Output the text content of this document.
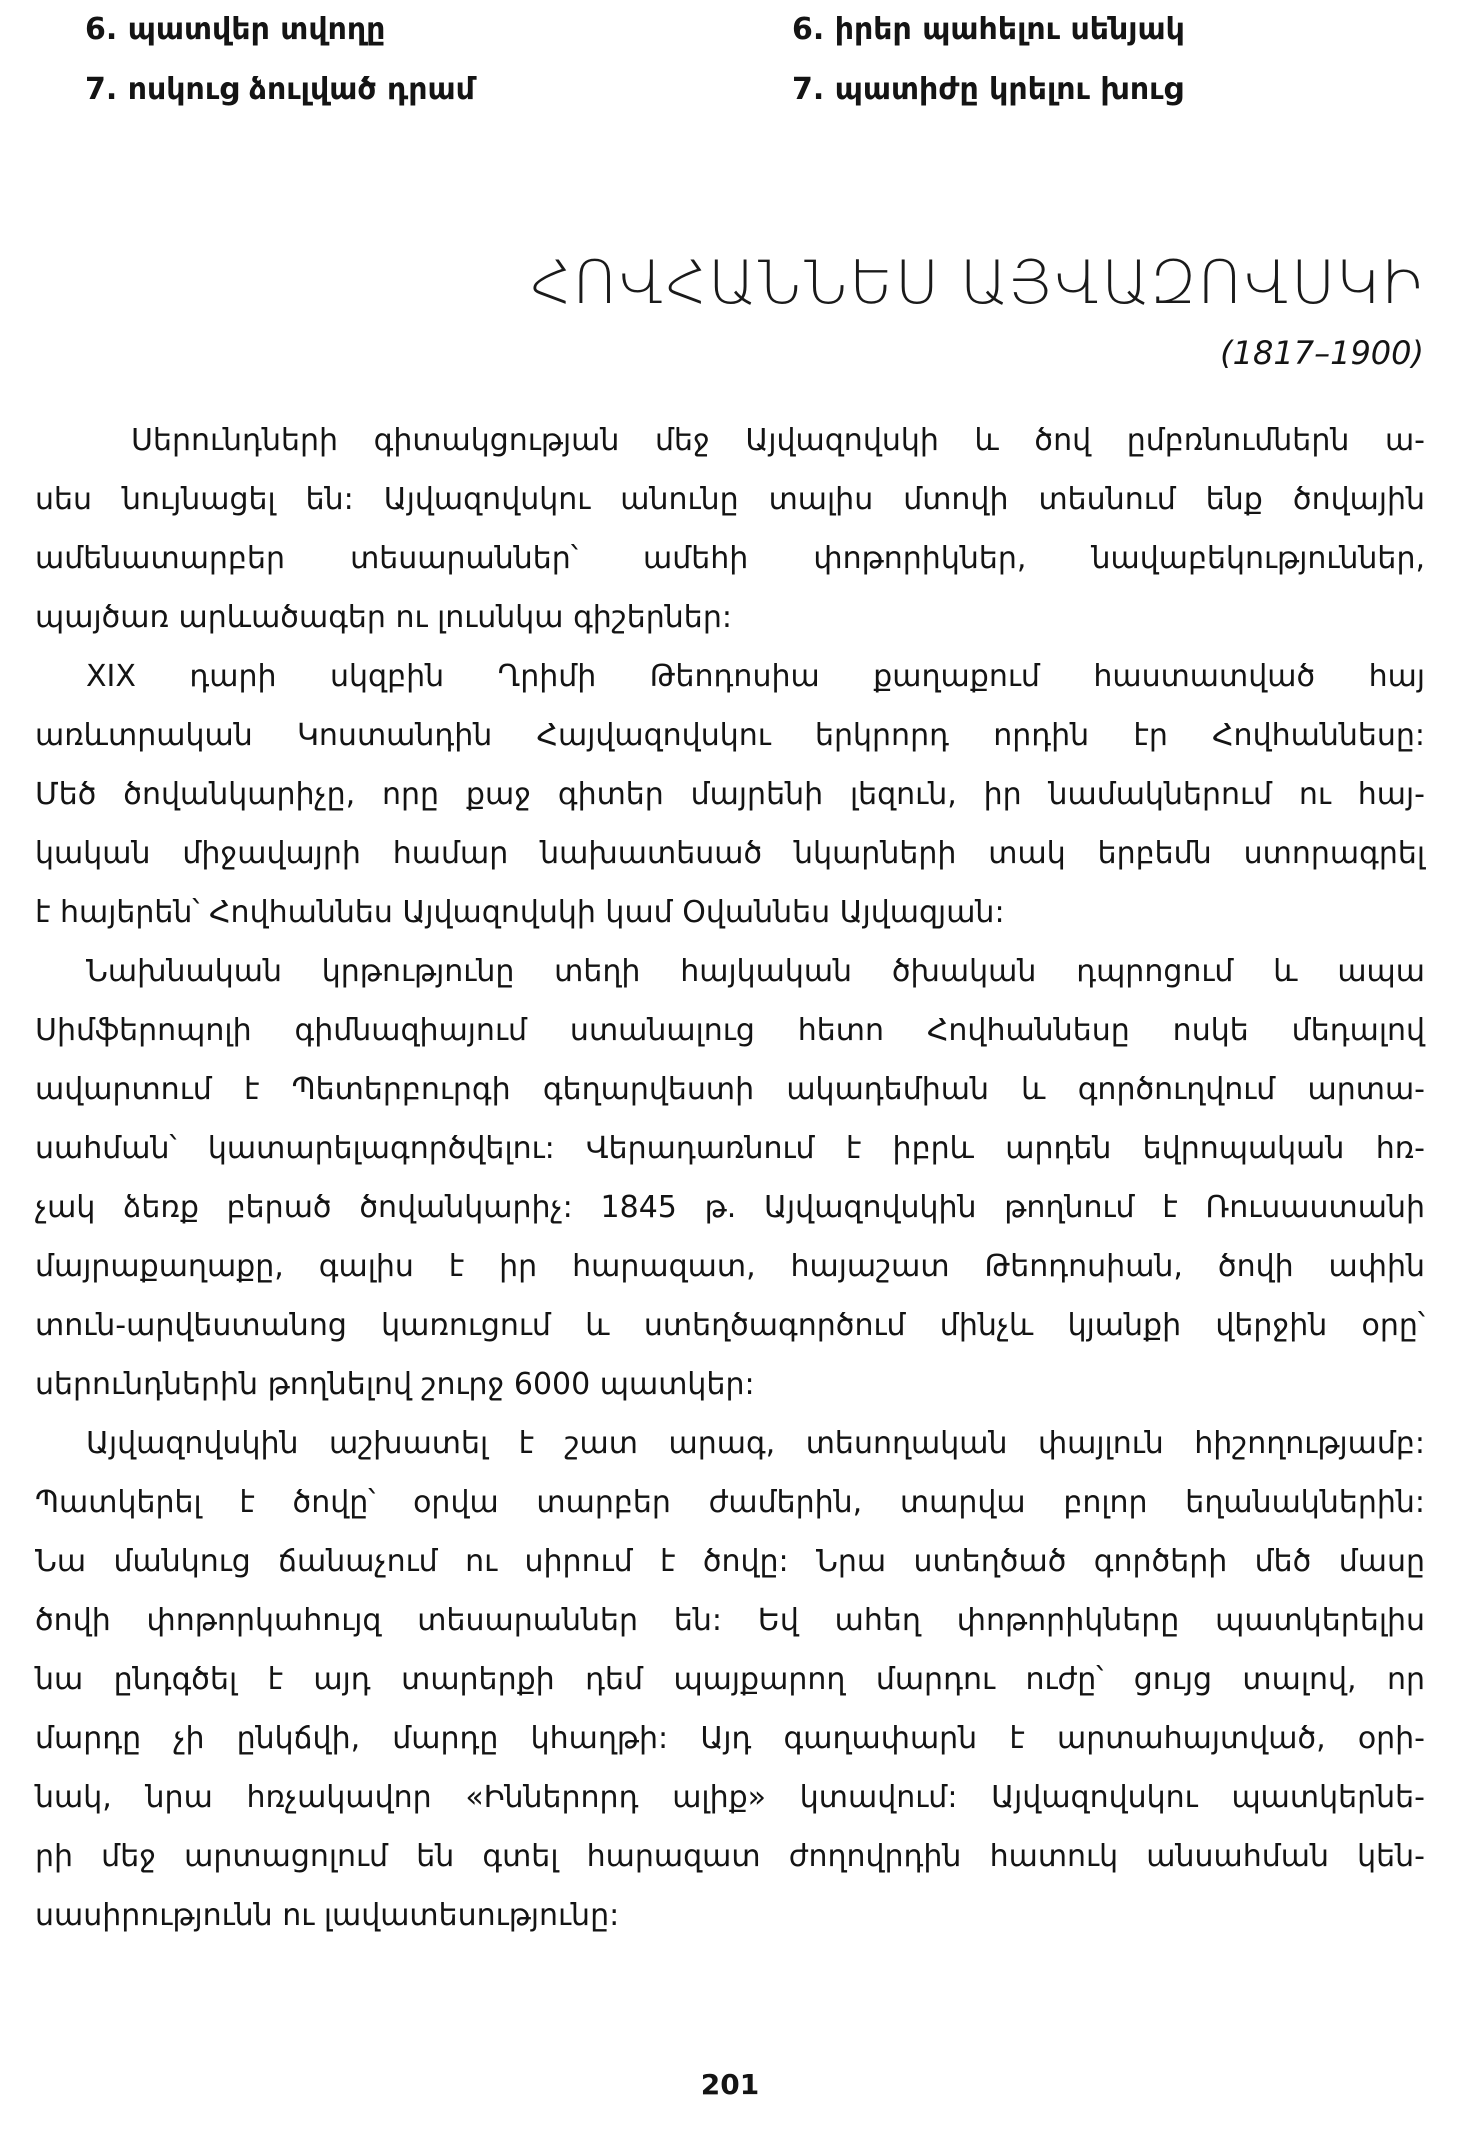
6. պատվեր տվողը
7. ոսկուց ձուլված դրամ
6. իրեր պահելու սենյակ
7. պատիժը կրելու խուց
ՀՈՎՀԱՆՆԵՍ ԱՅՎԱԶՈՎՍԿԻ
(1817–1900)
Սերունդների գիտակցության մեջ Այվազովսկի և ծով ըմբռնումներն ա-
սես նույնացել են: Այվազովսկու անունը տալիս մտովի տեսնում ենք ծովային
ամենատարբեր տեսարաններ՝ ամեհի փոթորիկներ, նավաբեկություններ,
պայծառ արևածագեր ու լուսնկա գիշերներ:
XIX դարի սկզբին Ղրիմի Թեոդոսիա քաղաքում հաստատված հայ
առևտրական Կոստանդին Հայվազովսկու երկրորդ որդին էր Հովհաննեսը:
Մեծ ծովանկարիչը, որը քաջ գիտեր մայրենի լեզուն, իր նամակներում ու հայ-
կական միջավայրի համար նախատեսած նկարների տակ երբեմն ստորագրել
է հայերեն՝ Հովհաննես Այվազովսկի կամ Օվաննես Այվազյան:
Նախնական կրթությունը տեղի հայկական ծխական դպրոցում և ապա
Սիմֆերոպոլի գիմնազիայում ստանալուց հետո Հովհաննեսը ոսկե մեդալով
ավարտում է Պետերբուրգի գեղարվեստի ակադեմիան և գործուղվում արտա-
սահման՝ կատարելագործվելու: Վերադառնում է իբրև արդեն եվրոպական հռ-
չակ ձեռք բերած ծովանկարիչ: 1845 թ. Այվազովսկին թողնում է Ռուսաստանի
մայրաքաղաքը, գալիս է իր հարազատ, հայաշատ Թեոդոսիան, ծովի ափին
տուն-արվեստանոց կառուցում և ստեղծագործում մինչև կյանքի վերջին օրը՝
սերունդներին թողնելով շուրջ 6000 պատկեր:
Այվազովսկին աշխատել է շատ արագ, տեսողական փայլուն հիշողությամբ:
Պատկերել է ծովը՝ օրվա տարբեր ժամերին, տարվա բոլոր եղանակներին:
Նա մանկուց ճանաչում ու սիրում է ծովը: Նրա ստեղծած գործերի մեծ մասը
ծովի փոթորկահույզ տեսարաններ են: Եվ ահեղ փոթորիկները պատկերելիս
նա ընդգծել է այդ տարերքի դեմ պայքարող մարդու ուժը՝ ցույց տալով, որ
մարդը չի ընկճվի, մարդը կհաղթի: Այդ գաղափարն է արտահայտված, օրի-
նակ, նրա հռչակավոր «Իններորդ ալիք» կտավում: Այվազովսկու պատկերնե-
րի մեջ արտացոլում են գտել հարազատ ժողովրդին հատուկ անսահման կեն-
սասիրությունն ու լավատեսությունը:
201
